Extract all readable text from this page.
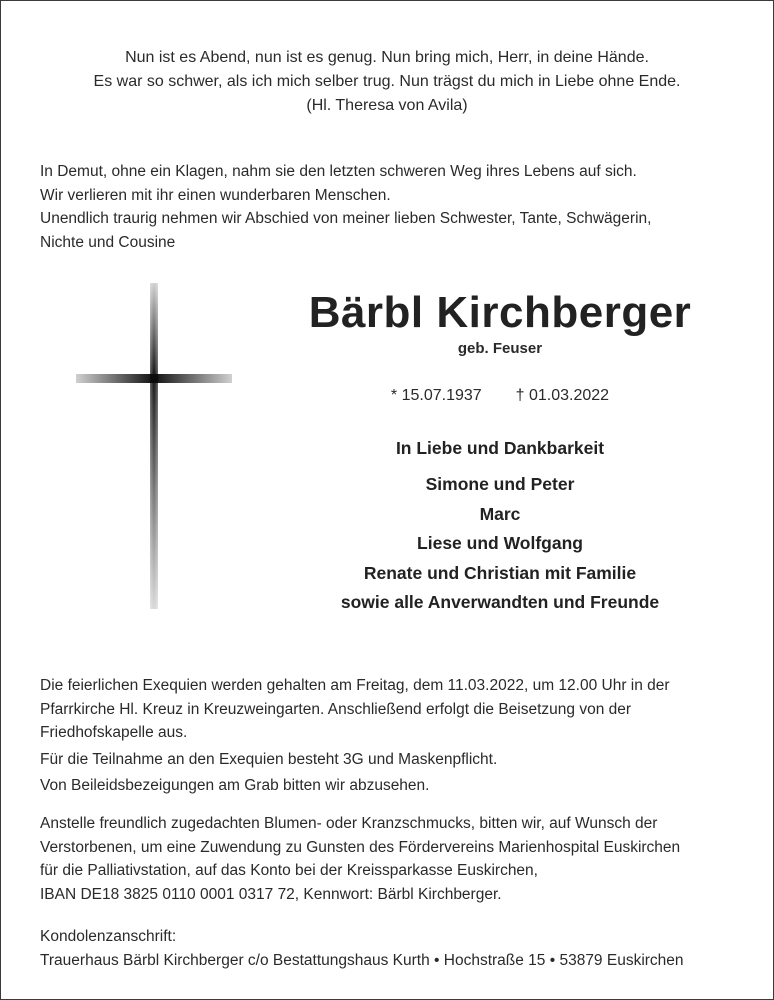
Nun ist es Abend, nun ist es genug. Nun bring mich, Herr, in deine Hände.
Es war so schwer, als ich mich selber trug. Nun trägst du mich in Liebe ohne Ende.
(Hl. Theresa von Avila)
In Demut, ohne ein Klagen, nahm sie den letzten schweren Weg ihres Lebens auf sich.
Wir verlieren mit ihr einen wunderbaren Menschen.
Unendlich traurig nehmen wir Abschied von meiner lieben Schwester, Tante, Schwägerin,
Nichte und Cousine
Bärbl Kirchberger
geb. Feuser
* 15.07.1937 † 01.03.2022
In Liebe und Dankbarkeit
Simone und Peter
Marc
Liese und Wolfgang
Renate und Christian mit Familie
sowie alle Anverwandten und Freunde
Die feierlichen Exequien werden gehalten am Freitag, dem 11.03.2022, um 12.00 Uhr in der
Pfarrkirche Hl. Kreuz in Kreuzweingarten. Anschließend erfolgt die Beisetzung von der
Friedhofskapelle aus.
Für die Teilnahme an den Exequien besteht 3G und Maskenpflicht.
Von Beileidsbezeigungen am Grab bitten wir abzusehen.
Anstelle freundlich zugedachten Blumen- oder Kranzschmucks, bitten wir, auf Wunsch der
Verstorbenen, um eine Zuwendung zu Gunsten des Fördervereins Marienhospital Euskirchen
für die Palliativstation, auf das Konto bei der Kreissparkasse Euskirchen,
IBAN DE18 3825 0110 0001 0317 72, Kennwort: Bärbl Kirchberger.
Kondolenzanschrift:
Trauerhaus Bärbl Kirchberger c/o Bestattungshaus Kurth • Hochstraße 15 • 53879 Euskirchen
